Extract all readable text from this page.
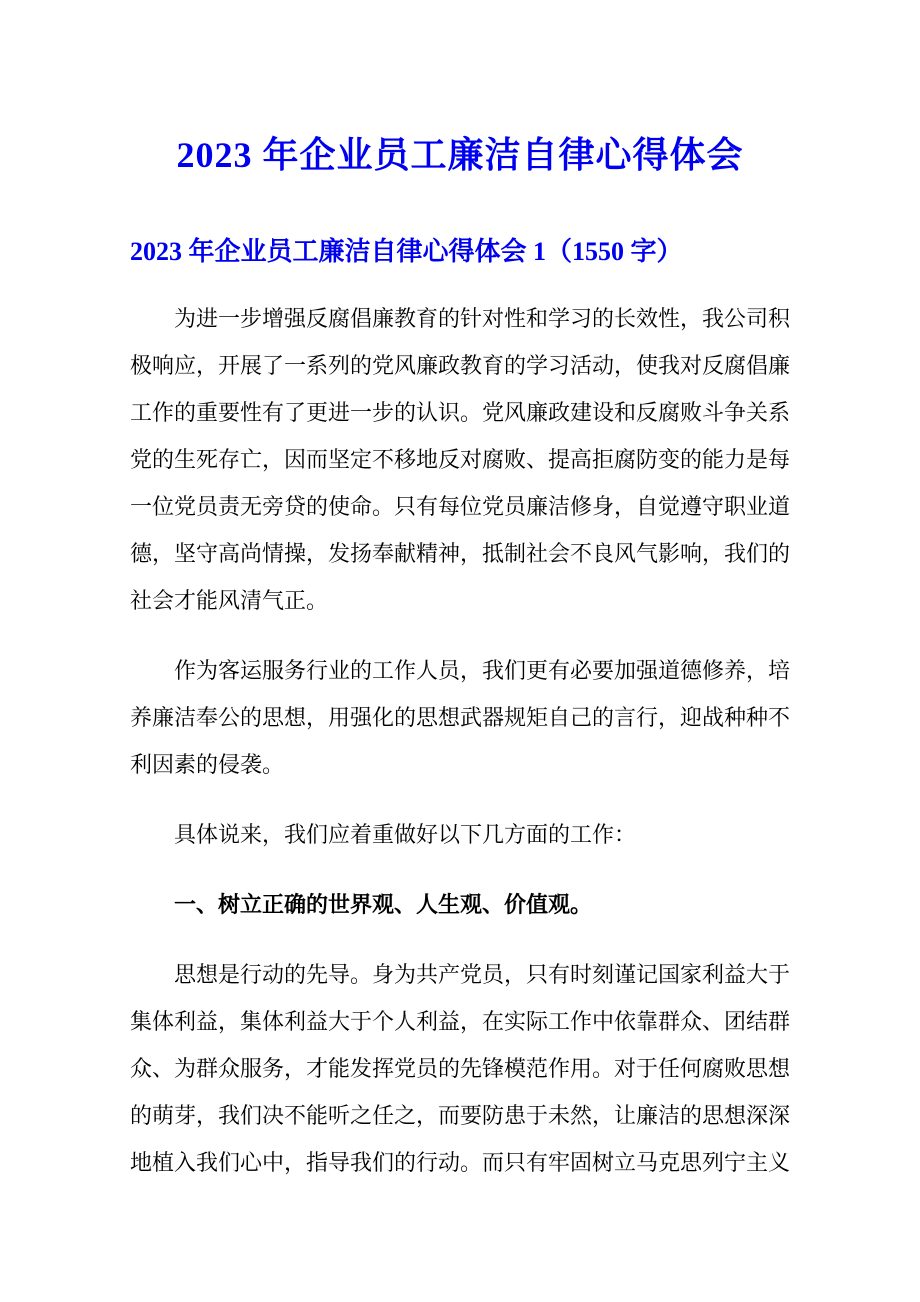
2023 年企业员工廉洁自律心得体会
2023 年企业员工廉洁自律心得体会 1（1550 字）

为进一步增强反腐倡廉教育的针对性和学习的长效性，我公司积极响应，开展了一系列的党风廉政教育的学习活动，使我对反腐倡廉工作的重要性有了更进一步的认识。党风廉政建设和反腐败斗争关系党的生死存亡，因而坚定不移地反对腐败、提高拒腐防变的能力是每一位党员责无旁贷的使命。只有每位党员廉洁修身，自觉遵守职业道德，坚守高尚情操，发扬奉献精神，抵制社会不良风气影响，我们的社会才能风清气正。

作为客运服务行业的工作人员，我们更有必要加强道德修养，培养廉洁奉公的思想，用强化的思想武器规矩自己的言行，迎战种种不利因素的侵袭。

具体说来，我们应着重做好以下几方面的工作：

一、树立正确的世界观、人生观、价值观。

思想是行动的先导。身为共产党员，只有时刻谨记国家利益大于集体利益，集体利益大于个人利益，在实际工作中依靠群众、团结群众、为群众服务，才能发挥党员的先锋模范作用。对于任何腐败思想的萌芽，我们决不能听之任之，而要防患于未然，让廉洁的思想深深地植入我们心中，指导我们的行动。而只有牢固树立马克思列宁主义
